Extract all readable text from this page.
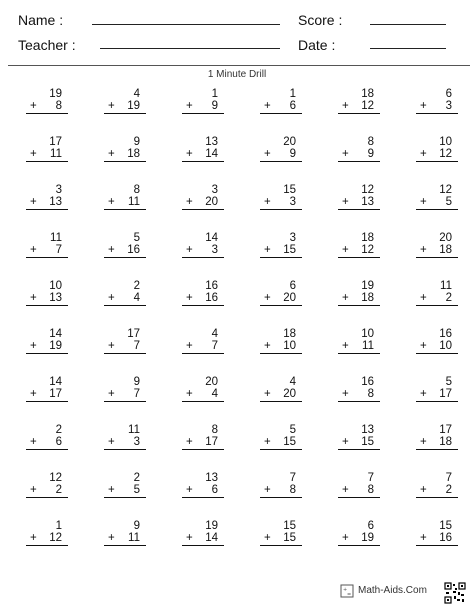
Name :	Score :
Teacher :	Date :
1 Minute Drill
19
+ 8
4
+ 19
1
+ 9
1
+ 6
18
+ 12
6
+ 3
17
+ 11
9
+ 18
13
+ 14
20
+ 9
8
+ 9
10
+ 12
3
+ 13
8
+ 11
3
+ 20
15
+ 3
12
+ 13
12
+ 5
11
+ 7
5
+ 16
14
+ 3
3
+ 15
18
+ 12
20
+ 18
10
+ 13
2
+ 4
16
+ 16
6
+ 20
19
+ 18
11
+ 2
14
+ 19
17
+ 7
4
+ 7
18
+ 10
10
+ 11
16
+ 10
14
+ 17
9
+ 7
20
+ 4
4
+ 20
16
+ 8
5
+ 17
2
+ 6
11
+ 3
8
+ 17
5
+ 15
13
+ 15
17
+ 18
12
+ 2
2
+ 5
13
+ 6
7
+ 8
7
+ 8
7
+ 2
1
+ 12
9
+ 11
19
+ 14
15
+ 15
6
+ 19
15
+ 16
+
= Math-Aids.Com
